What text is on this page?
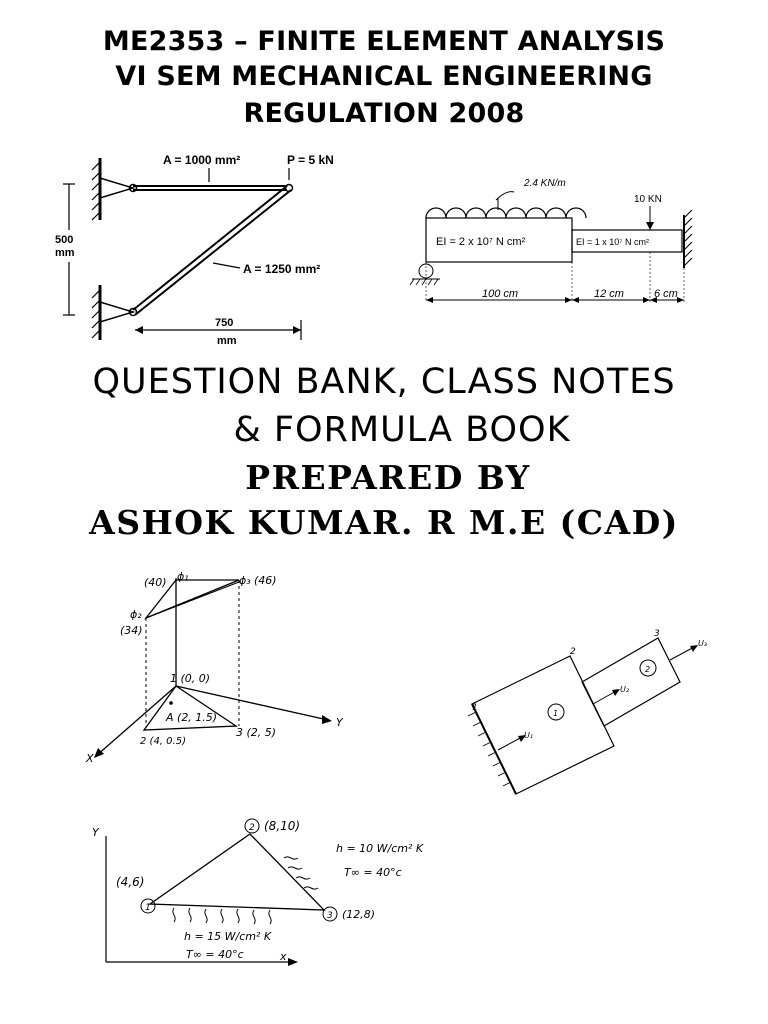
ME2353 – FINITE ELEMENT ANALYSIS
VI SEM MECHANICAL ENGINEERING
REGULATION 2008
A = 1000 mm²	P = 5 kN
500
mm
A = 1250 mm²
750
mm
2.4 KN/m
10 KN
EI = 2 x 10⁷ N cm²	EI = 1 x 10⁷ N cm²
100 cm	12 cm	6 cm
QUESTION BANK, CLASS NOTES
& FORMULA BOOK
PREPARED BY
ASHOK KUMAR. R M.E (CAD)
(40) ϕ₁	ϕ₃ (46)
ϕ₂
(34)
1 (0, 0)
A (2, 1.5)
2 (4, 0.5)
3 (2, 5)
X
Y
1
2
3
U₁
U₂
U₃
1
2
Y
x
1
(4,6)
2 (8,10)
3 (12,8)
h = 10 W/cm² K
T∞ = 40°c
h = 15 W/cm² K
T∞ = 40°c
